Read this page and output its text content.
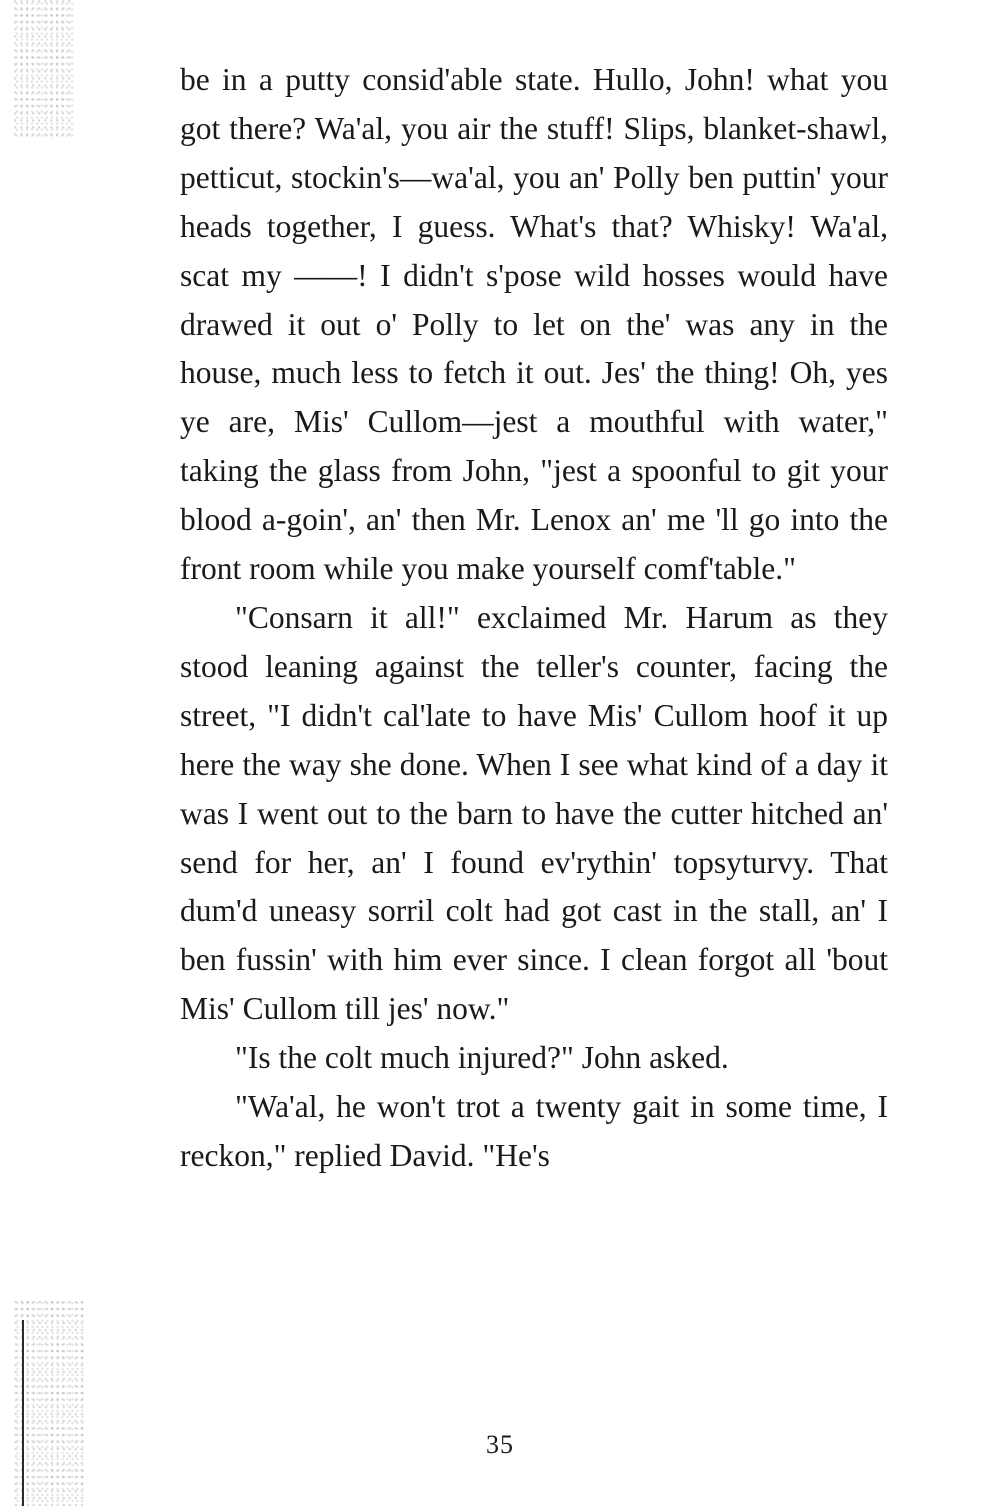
be in a putty consid'able state. Hullo, John! what you got there? Wa'al, you air the stuff! Slips, blanket-shawl, petticut, stockin's—wa'al, you an' Polly ben puttin' your heads together, I guess. What's that? Whisky! Wa'al, scat my ——! I didn't s'pose wild hosses would have drawed it out o' Polly to let on the' was any in the house, much less to fetch it out. Jes' the thing! Oh, yes ye are, Mis' Cullom—jest a mouthful with water," taking the glass from John, "jest a spoonful to git your blood a-goin', an' then Mr. Lenox an' me 'll go into the front room while you make yourself comf'table."

"Consarn it all!" exclaimed Mr. Harum as they stood leaning against the teller's counter, facing the street, "I didn't cal'late to have Mis' Cullom hoof it up here the way she done. When I see what kind of a day it was I went out to the barn to have the cutter hitched an' send for her, an' I found ev'rythin' topsyturvy. That dum'd uneasy sorril colt had got cast in the stall, an' I ben fussin' with him ever since. I clean forgot all 'bout Mis' Cullom till jes' now."

"Is the colt much injured?" John asked.

"Wa'al, he won't trot a twenty gait in some time, I reckon," replied David. "He's

35
